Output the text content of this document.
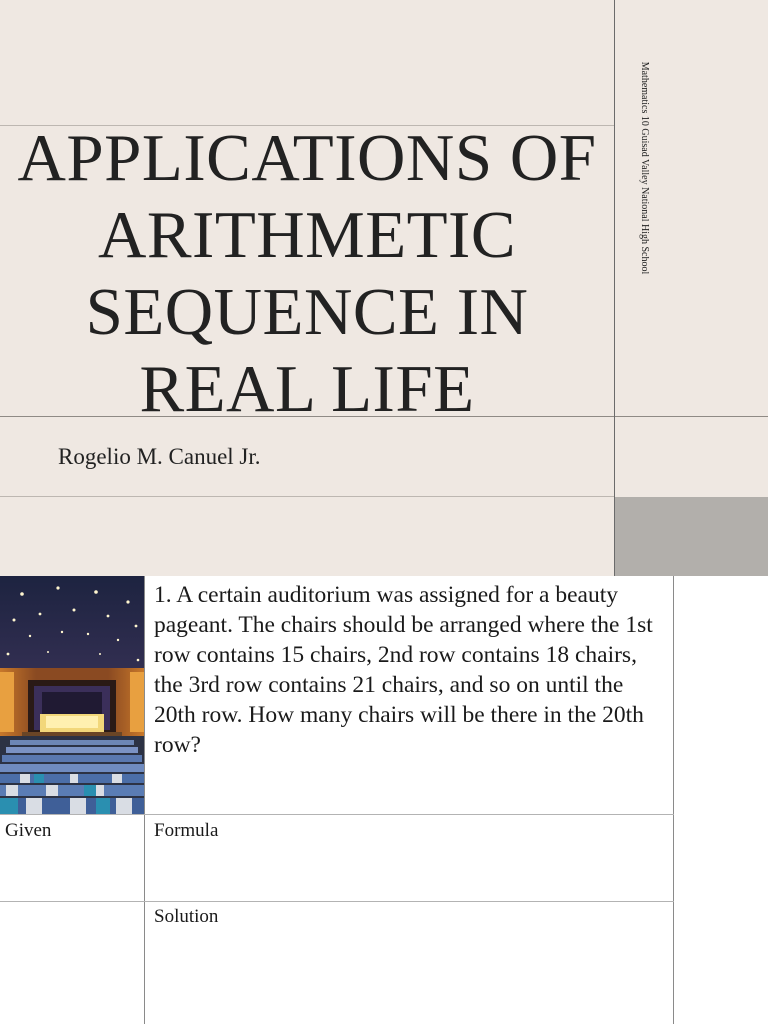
APPLICATIONS OF
ARITHMETIC
SEQUENCE IN
REAL LIFE
Rogelio M. Canuel Jr.
Mathematics 10 Guisad Valley National High School
1. A certain auditorium was assigned for a beauty pageant. The chairs should be arranged where the 1st row contains 15 chairs, 2nd row contains 18 chairs, the 3rd row contains 21 chairs, and so on until the 20th row. How many chairs will be there in the 20th row?
Given	Formula
Solution
